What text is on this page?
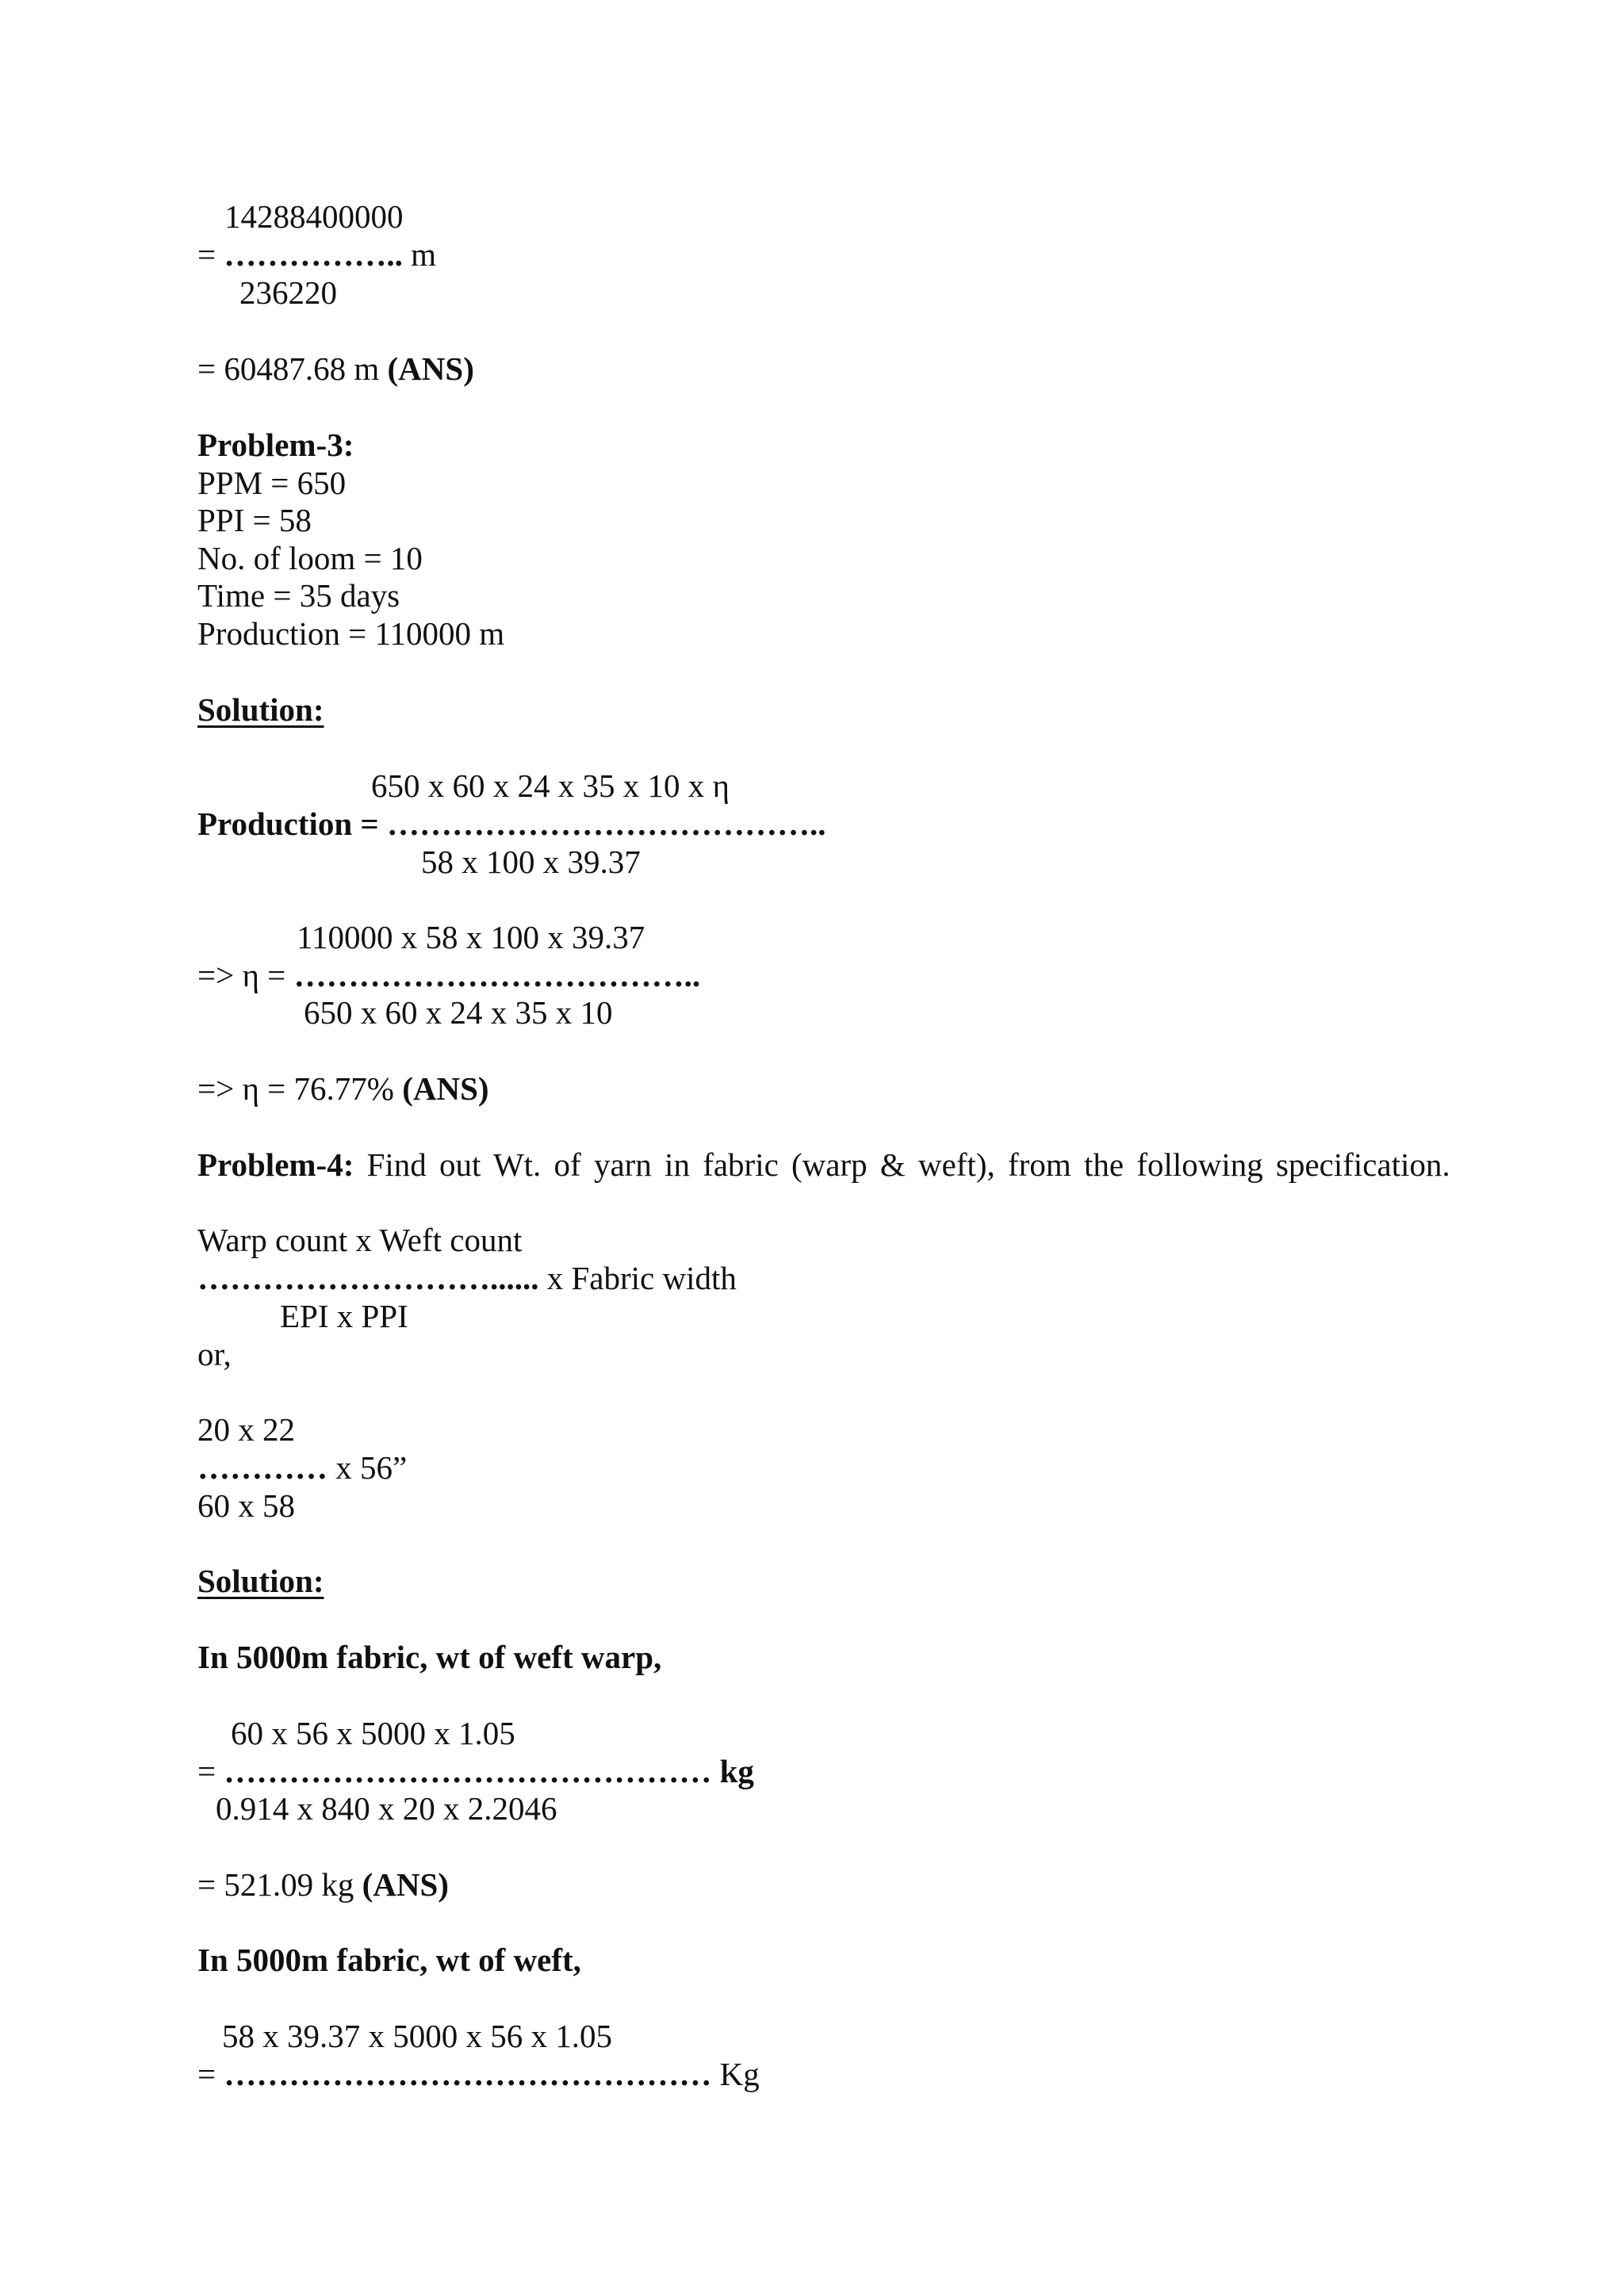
14288400000
= …………….. m
236220
= 60487.68 m (ANS)
Problem-3:
PPM = 650
PPI = 58
No. of loom = 10
Time = 35 days
Production = 110000 m
Solution:
650 x 60 x 24 x 35 x 10 x η
Production = …………………………………..
58 x 100 x 39.37
110000 x 58 x 100 x 39.37
=> η = ………………………………..
650 x 60 x 24 x 35 x 10
=> η = 76.77% (ANS)
Problem-4: Find out Wt. of yarn in fabric (warp & weft), from the following specification.
Warp count x Weft count
………………………...... x Fabric width
EPI x PPI
or,
20 x 22
………… x 56”
60 x 58
Solution:
In 5000m fabric, wt of weft warp,
60 x 56 x 5000 x 1.05
= ……………………………………… kg
0.914 x 840 x 20 x 2.2046
= 521.09 kg (ANS)
In 5000m fabric, wt of weft,
58 x 39.37 x 5000 x 56 x 1.05
= ……………………………………… Kg
